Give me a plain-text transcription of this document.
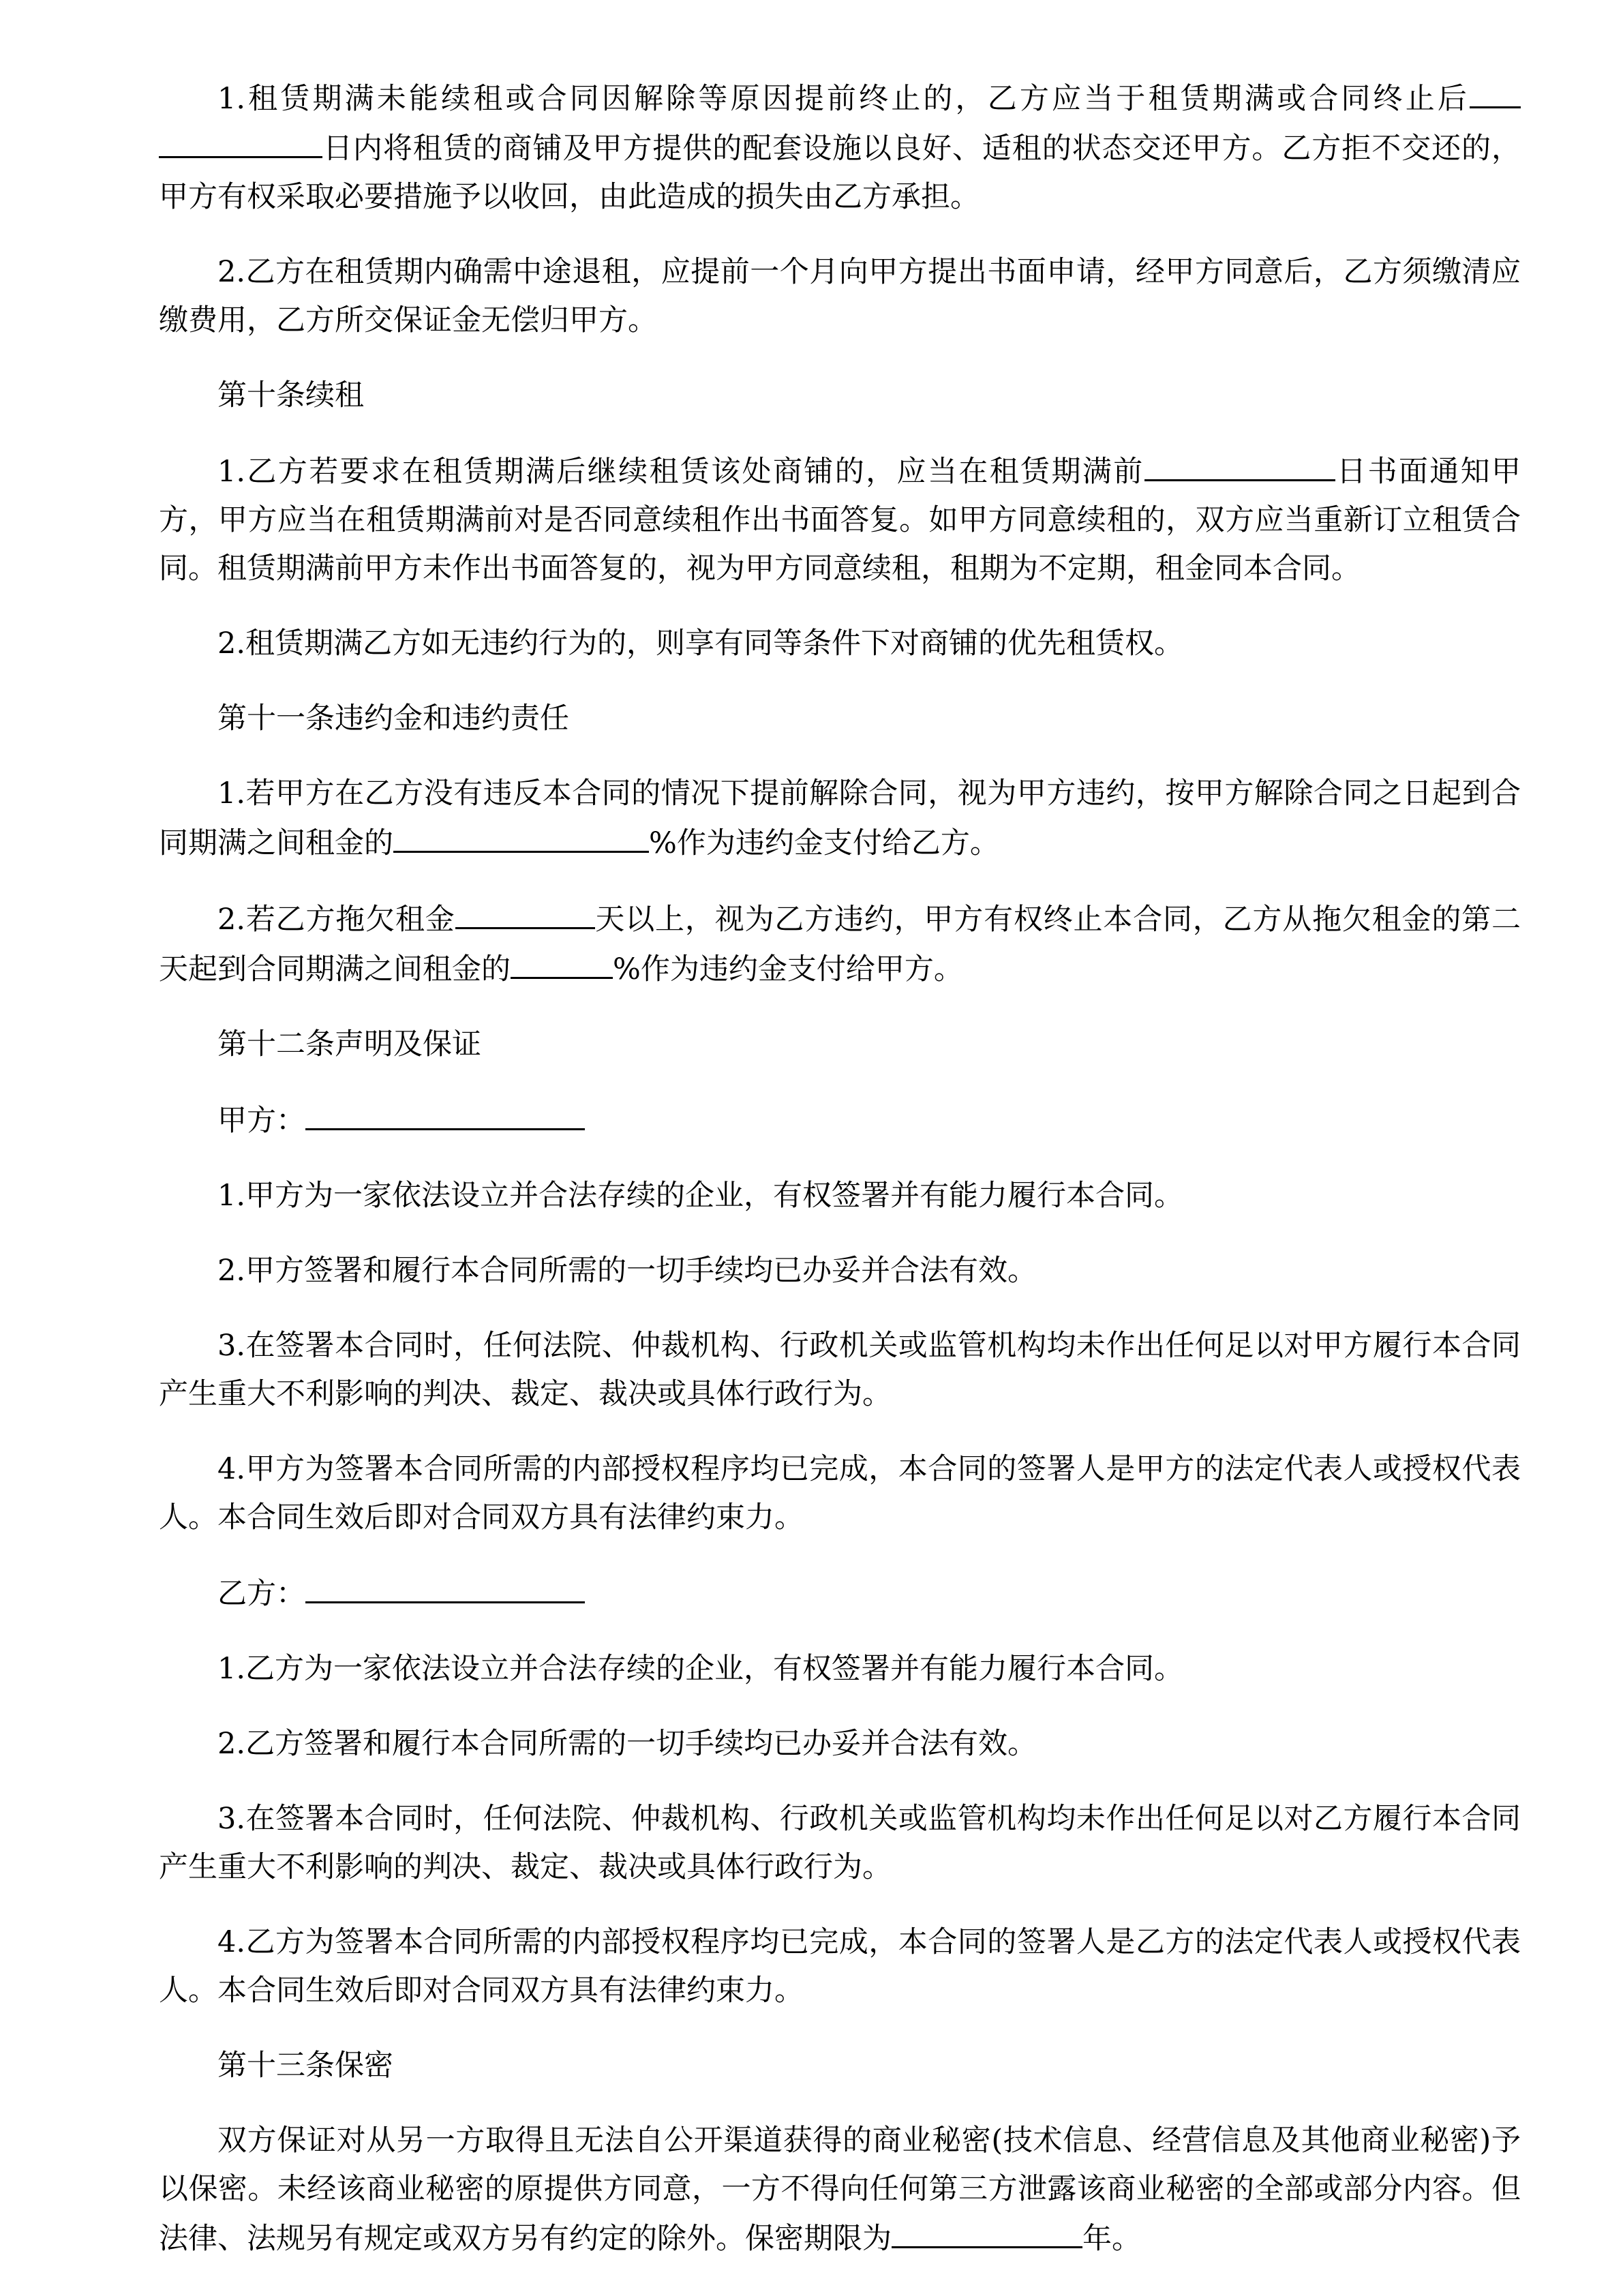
1.租赁期满未能续租或合同因解除等原因提前终止的，乙方应当于租赁期满或合同终止后日内将租赁的商铺及甲方提供的配套设施以良好、适租的状态交还甲方。乙方拒不交还的，甲方有权采取必要措施予以收回，由此造成的损失由乙方承担。

2.乙方在租赁期内确需中途退租，应提前一个月向甲方提出书面申请，经甲方同意后，乙方须缴清应缴费用，乙方所交保证金无偿归甲方。

第十条续租

1.乙方若要求在租赁期满后继续租赁该处商铺的，应当在租赁期满前	日书面通知甲方，甲方应当在租赁期满前对是否同意续租作出书面答复。如甲方同意续租的，双方应当重新订立租赁合同。租赁期满前甲方未作出书面答复的，视为甲方同意续租，租期为不定期，租金同本合同。

2.租赁期满乙方如无违约行为的，则享有同等条件下对商铺的优先租赁权。

第十一条违约金和违约责任

1.若甲方在乙方没有违反本合同的情况下提前解除合同，视为甲方违约，按甲方解除合同之日起到合同期满之间租金的	%作为违约金支付给乙方。

2.若乙方拖欠租金	天以上，视为乙方违约，甲方有权终止本合同，乙方从拖欠租金的第二天起到合同期满之间租金的	%作为违约金支付给甲方。

第十二条声明及保证

甲方：

1.甲方为一家依法设立并合法存续的企业，有权签署并有能力履行本合同。

2.甲方签署和履行本合同所需的一切手续均已办妥并合法有效。

3.在签署本合同时，任何法院、仲裁机构、行政机关或监管机构均未作出任何足以对甲方履行本合同产生重大不利影响的判决、裁定、裁决或具体行政行为。

4.甲方为签署本合同所需的内部授权程序均已完成，本合同的签署人是甲方的法定代表人或授权代表人。本合同生效后即对合同双方具有法律约束力。

乙方：

1.乙方为一家依法设立并合法存续的企业，有权签署并有能力履行本合同。

2.乙方签署和履行本合同所需的一切手续均已办妥并合法有效。

3.在签署本合同时，任何法院、仲裁机构、行政机关或监管机构均未作出任何足以对乙方履行本合同产生重大不利影响的判决、裁定、裁决或具体行政行为。

4.乙方为签署本合同所需的内部授权程序均已完成，本合同的签署人是乙方的法定代表人或授权代表人。本合同生效后即对合同双方具有法律约束力。

第十三条保密

双方保证对从另一方取得且无法自公开渠道获得的商业秘密(技术信息、经营信息及其他商业秘密)予以保密。未经该商业秘密的原提供方同意，一方不得向任何第三方泄露该商业秘密的全部或部分内容。但法律、法规另有规定或双方另有约定的除外。保密期限为	年。
